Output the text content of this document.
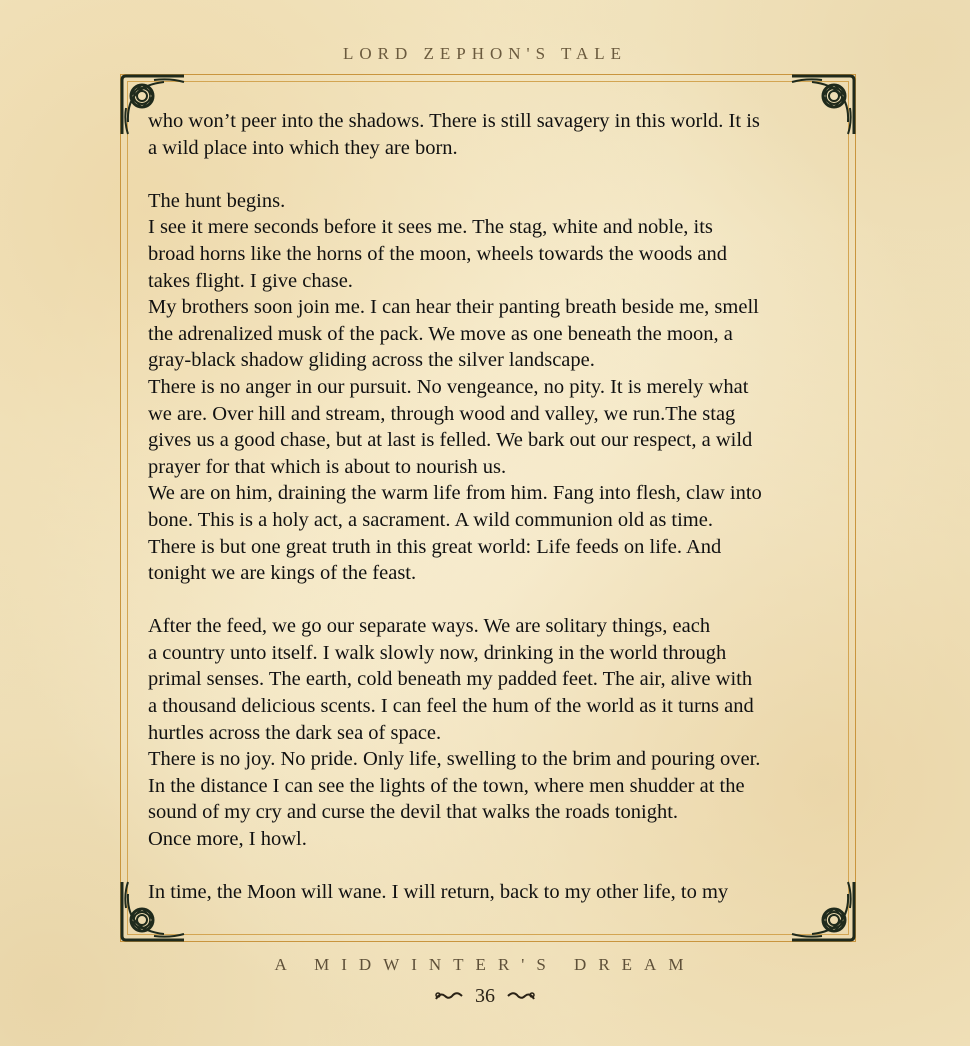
LORD ZEPHON'S TALE
who won’t peer into the shadows. There is still savagery in this world. It is
a wild place into which they are born.
The hunt begins.
I see it mere seconds before it sees me. The stag, white and noble, its
broad horns like the horns of the moon, wheels towards the woods and
takes flight. I give chase.
My brothers soon join me. I can hear their panting breath beside me, smell
the adrenalized musk of the pack. We move as one beneath the moon, a
gray-black shadow gliding across the silver landscape.
There is no anger in our pursuit. No vengeance, no pity. It is merely what
we are. Over hill and stream, through wood and valley, we run.The stag
gives us a good chase, but at last is felled. We bark out our respect, a wild
prayer for that which is about to nourish us.
We are on him, draining the warm life from him. Fang into flesh, claw into
bone. This is a holy act, a sacrament. A wild communion old as time.
There is but one great truth in this great world: Life feeds on life. And
tonight we are kings of the feast.
After the feed, we go our separate ways. We are solitary things, each
a country unto itself. I walk slowly now, drinking in the world through
primal senses. The earth, cold beneath my padded feet. The air, alive with
a thousand delicious scents. I can feel the hum of the world as it turns and
hurtles across the dark sea of space.
There is no joy. No pride. Only life, swelling to the brim and pouring over.
In the distance I can see the lights of the town, where men shudder at the
sound of my cry and curse the devil that walks the roads tonight.
Once more, I howl.
In time, the Moon will wane. I will return, back to my other life, to my
A MIDWINTER'S DREAM
36
